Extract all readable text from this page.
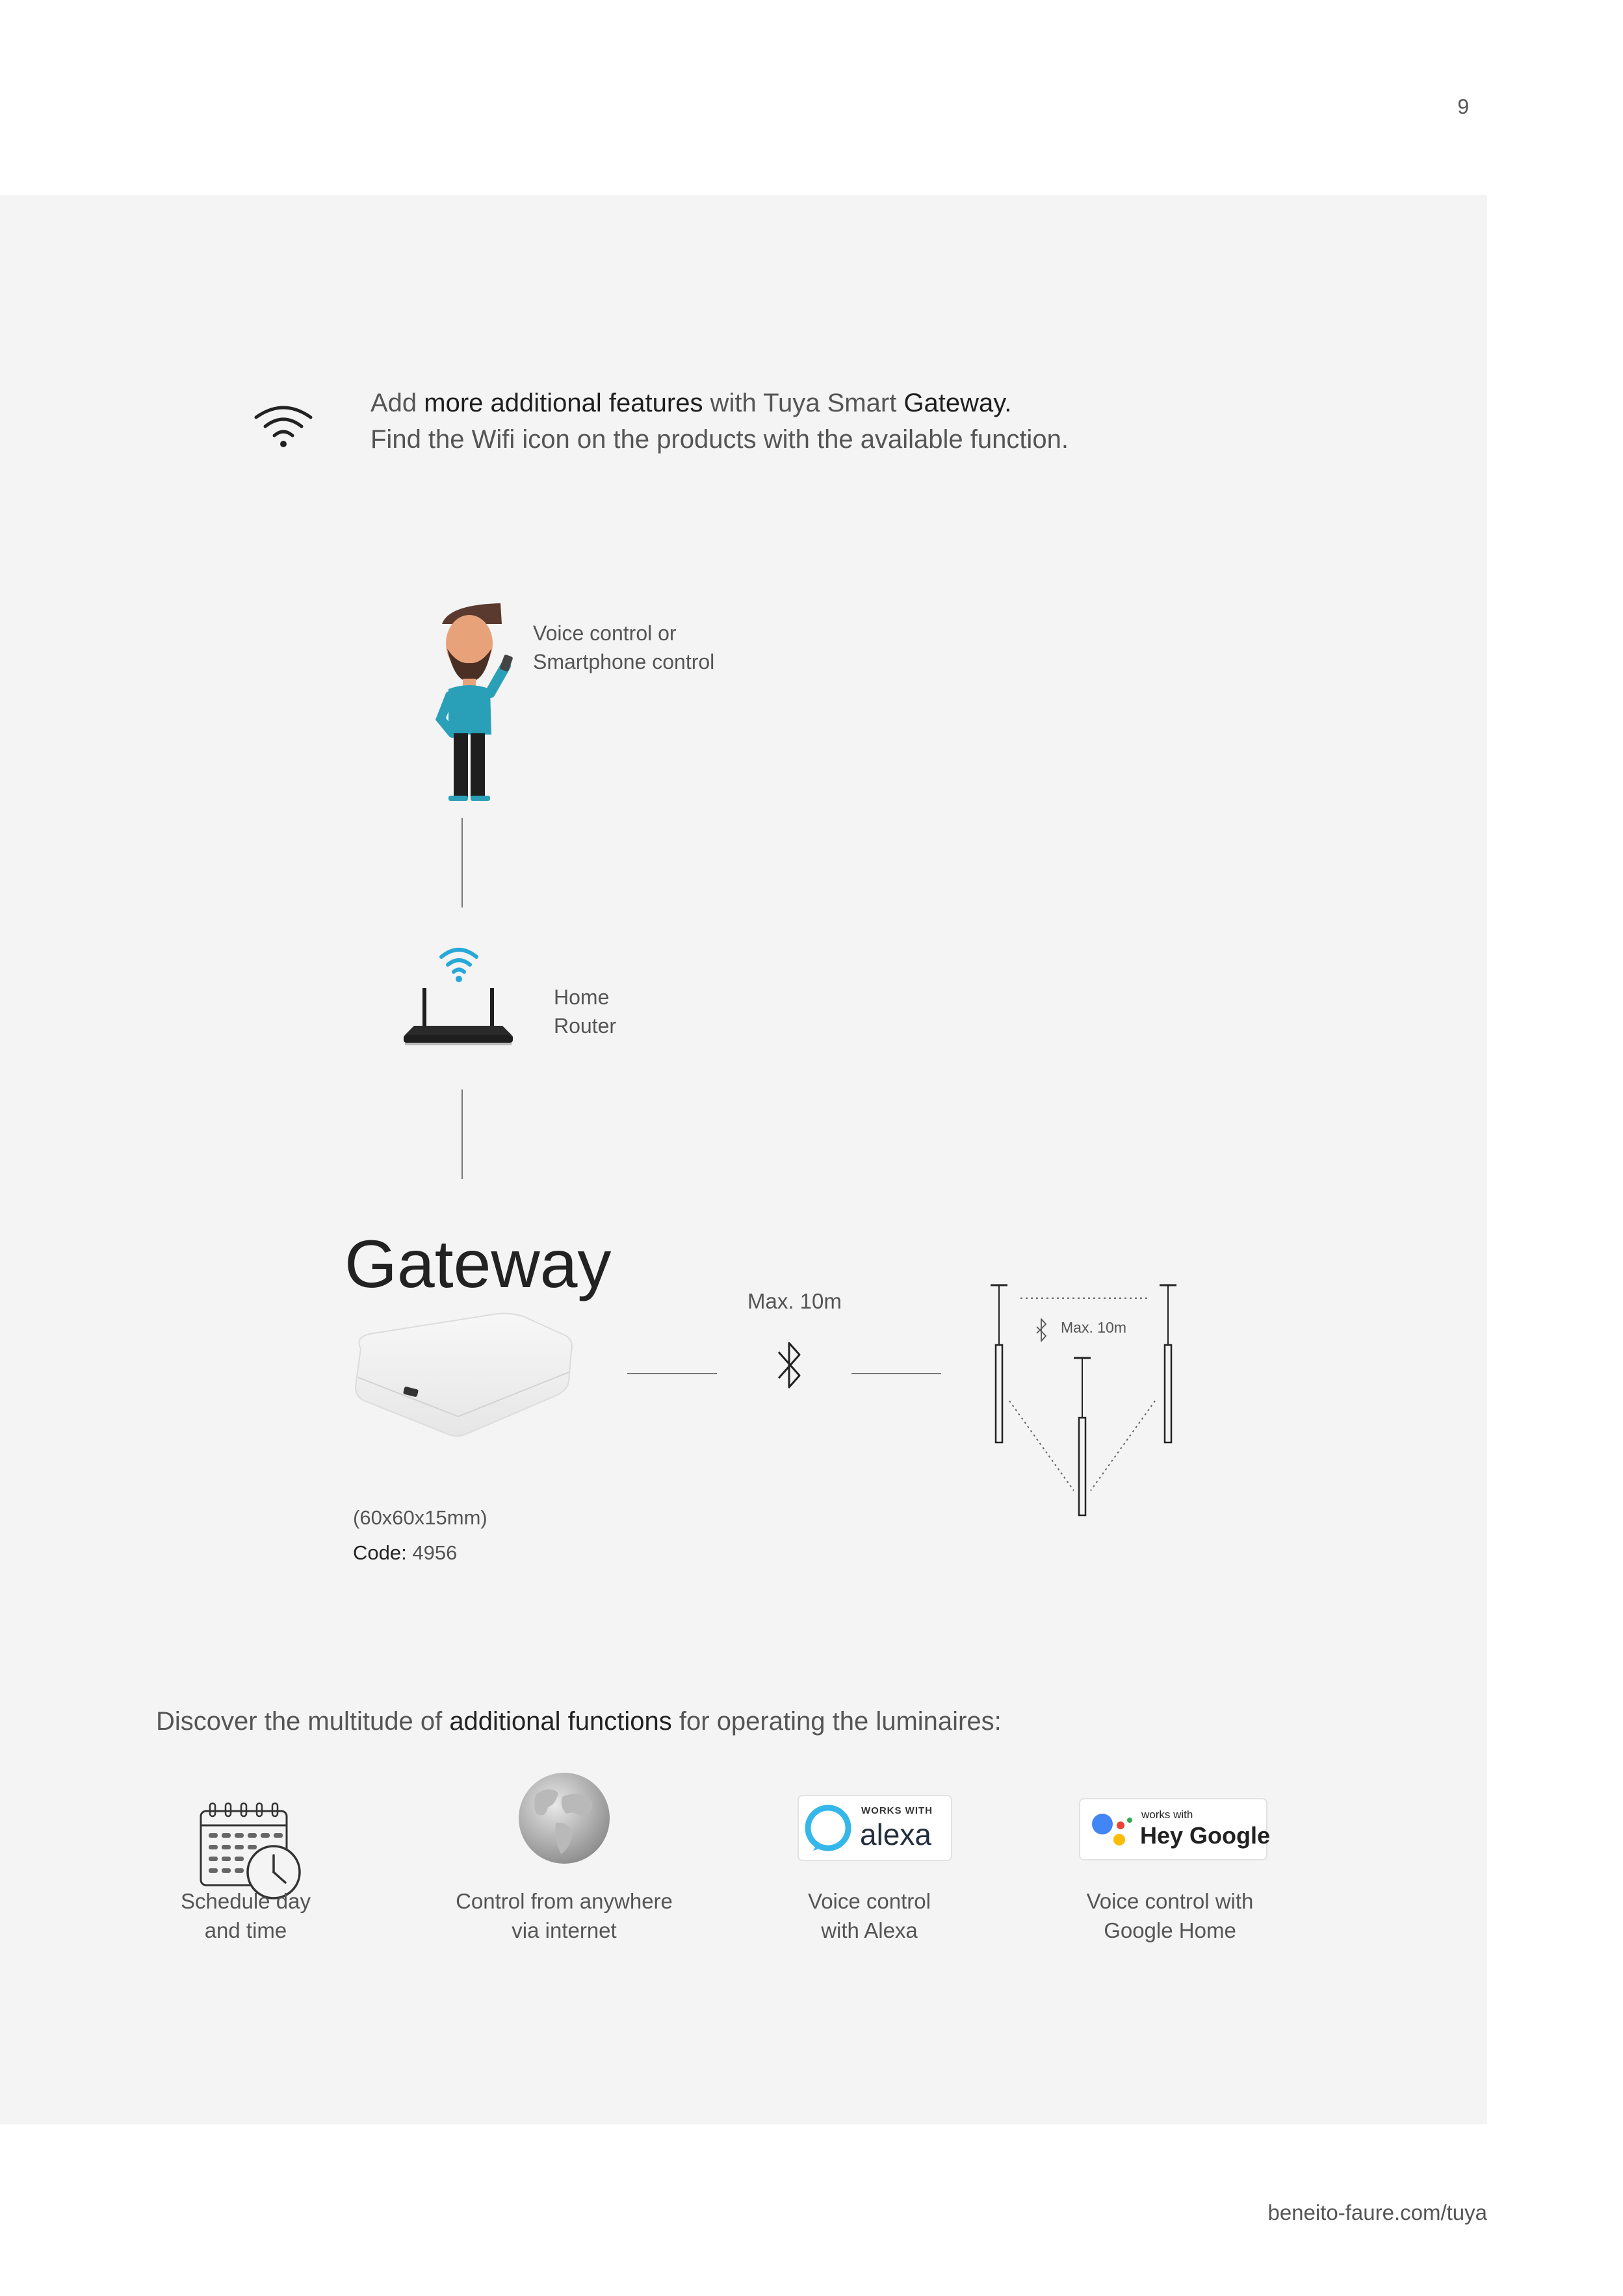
9
Add more additional features with Tuya Smart Gateway.
Find the Wifi icon on the products with the available function.
Voice control or
Smartphone control
Home
Router
Gateway
(60x60x15mm)
Code: 4956
Max. 10m
Max. 10m
Discover the multitude of additional functions for operating the luminaires:
Schedule day
and time
Control from anywhere
via internet
WORKS WITH
alexa
Voice control
with Alexa
works with
Hey Google
Voice control with
Google Home
beneito-faure.com/tuya
